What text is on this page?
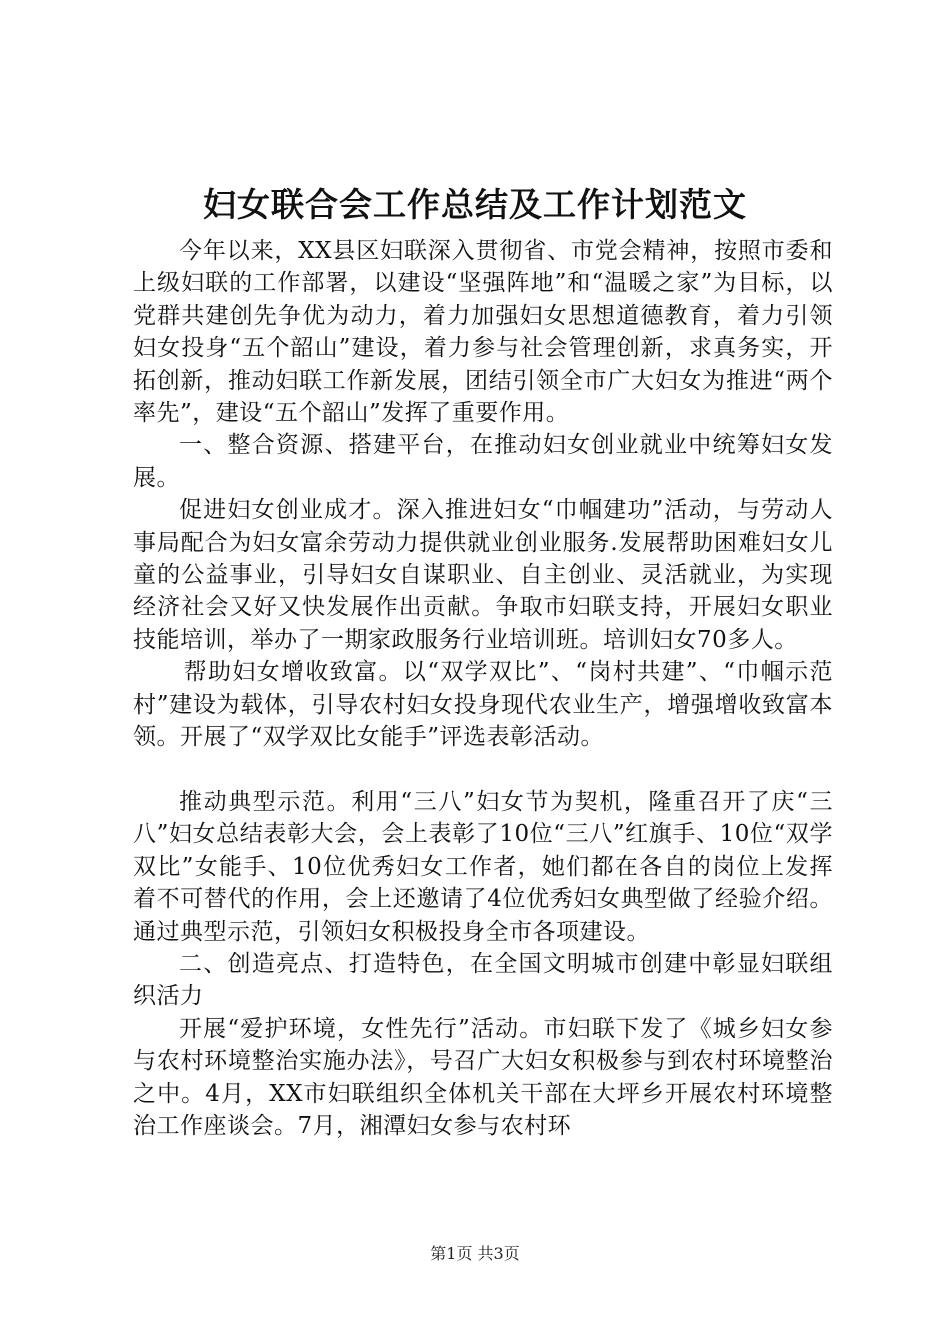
妇女联合会工作总结及工作计划范文

今年以来，XX县区妇联深入贯彻省、市党会精神，按照市委和上级妇联的工作部署，以建设“坚强阵地”和“温暖之家”为目标，以党群共建创先争优为动力，着力加强妇女思想道德教育，着力引领妇女投身“五个韶山”建设，着力参与社会管理创新，求真务实，开拓创新，推动妇联工作新发展，团结引领全市广大妇女为推进“两个率先”，建设“五个韶山”发挥了重要作用。

一、整合资源、搭建平台，在推动妇女创业就业中统筹妇女发展。

促进妇女创业成才。深入推进妇女“巾帼建功”活动，与劳动人事局配合为妇女富余劳动力提供就业创业服务.发展帮助困难妇女儿童的公益事业，引导妇女自谋职业、自主创业、灵活就业，为实现经济社会又好又快发展作出贡献。争取市妇联支持，开展妇女职业技能培训，举办了一期家政服务行业培训班。培训妇女70多人。

帮助妇女增收致富。以“双学双比”、“岗村共建”、“巾帼示范村”建设为载体，引导农村妇女投身现代农业生产，增强增收致富本领。开展了“双学双比女能手”评选表彰活动。

推动典型示范。利用“三八”妇女节为契机，隆重召开了庆“三八”妇女总结表彰大会，会上表彰了10位“三八”红旗手、10位“双学双比”女能手、10位优秀妇女工作者，她们都在各自的岗位上发挥着不可替代的作用，会上还邀请了4位优秀妇女典型做了经验介绍。通过典型示范，引领妇女积极投身全市各项建设。

二、创造亮点、打造特色，在全国文明城市创建中彰显妇联组织活力

开展“爱护环境，女性先行”活动。市妇联下发了《城乡妇女参与农村环境整治实施办法》，号召广大妇女积极参与到农村环境整治之中。4月，XX市妇联组织全体机关干部在大坪乡开展农村环境整治工作座谈会。7月，湘潭妇女参与农村环

第1页 共3页
